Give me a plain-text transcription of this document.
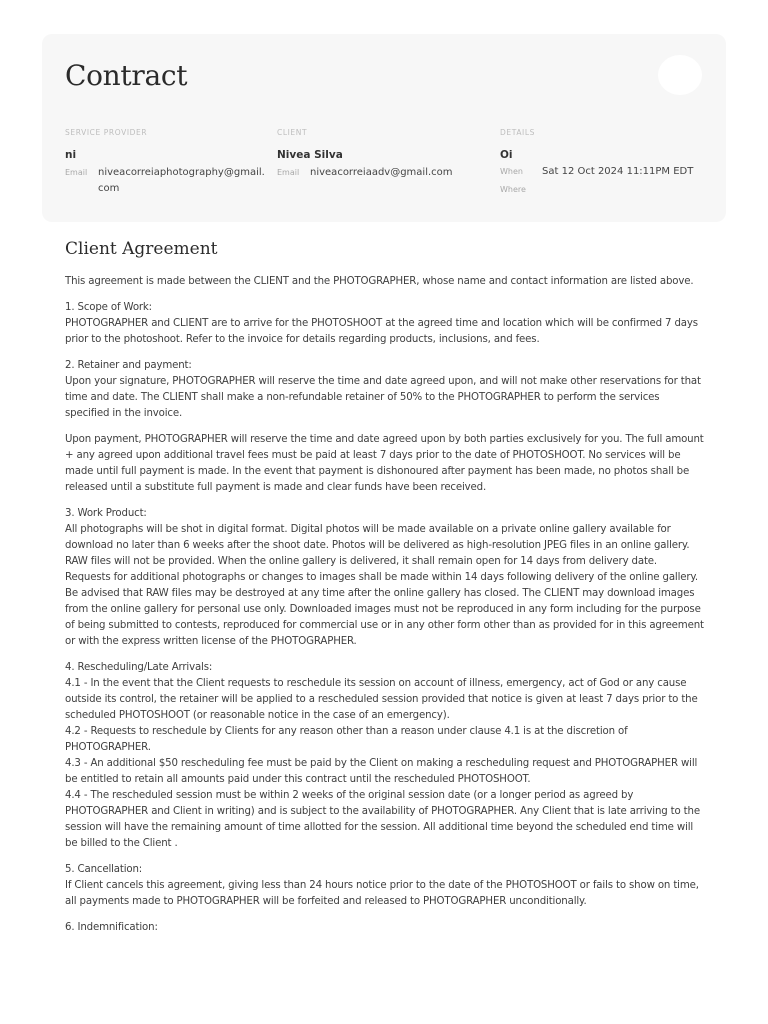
Contract
SERVICE PROVIDER
ni
Email	niveacorreiaphotography@gmail.com
CLIENT
Nivea Silva
Email	niveacorreiaadv@gmail.com
DETAILS
Oi
When	Sat 12 Oct 2024 11:11PM EDT
Where
Client Agreement

This agreement is made between the CLIENT and the PHOTOGRAPHER, whose name and contact information are listed above.

1. Scope of Work:
PHOTOGRAPHER and CLIENT are to arrive for the PHOTOSHOOT at the agreed time and location which will be confirmed 7 days prior to the photoshoot. Refer to the invoice for details regarding products, inclusions, and fees.

2. Retainer and payment:
Upon your signature, PHOTOGRAPHER will reserve the time and date agreed upon, and will not make other reservations for that time and date. The CLIENT shall make a non-refundable retainer of 50% to the PHOTOGRAPHER to perform the services specified in the invoice.

Upon payment, PHOTOGRAPHER will reserve the time and date agreed upon by both parties exclusively for you. The full amount + any agreed upon additional travel fees must be paid at least 7 days prior to the date of PHOTOSHOOT. No services will be made until full payment is made. In the event that payment is dishonoured after payment has been made, no photos shall be released until a substitute full payment is made and clear funds have been received.

3. Work Product:
All photographs will be shot in digital format. Digital photos will be made available on a private online gallery available for download no later than 6 weeks after the shoot date. Photos will be delivered as high-resolution JPEG files in an online gallery. RAW files will not be provided. When the online gallery is delivered, it shall remain open for 14 days from delivery date. Requests for additional photographs or changes to images shall be made within 14 days following delivery of the online gallery. Be advised that RAW files may be destroyed at any time after the online gallery has closed. The CLIENT may download images from the online gallery for personal use only. Downloaded images must not be reproduced in any form including for the purpose of being submitted to contests, reproduced for commercial use or in any other form other than as provided for in this agreement or with the express written license of the PHOTOGRAPHER.

4. Rescheduling/Late Arrivals:
4.1 - In the event that the Client requests to reschedule its session on account of illness, emergency, act of God or any cause outside its control, the retainer will be applied to a rescheduled session provided that notice is given at least 7 days prior to the scheduled PHOTOSHOOT (or reasonable notice in the case of an emergency).
4.2 - Requests to reschedule by Clients for any reason other than a reason under clause 4.1 is at the discretion of PHOTOGRAPHER.
4.3 - An additional $50 rescheduling fee must be paid by the Client on making a rescheduling request and PHOTOGRAPHER will be entitled to retain all amounts paid under this contract until the rescheduled PHOTOSHOOT.
4.4 - The rescheduled session must be within 2 weeks of the original session date (or a longer period as agreed by PHOTOGRAPHER and Client in writing) and is subject to the availability of PHOTOGRAPHER. Any Client that is late arriving to the session will have the remaining amount of time allotted for the session. All additional time beyond the scheduled end time will be billed to the Client .

5. Cancellation:
If Client cancels this agreement, giving less than 24 hours notice prior to the date of the PHOTOSHOOT or fails to show on time, all payments made to PHOTOGRAPHER will be forfeited and released to PHOTOGRAPHER unconditionally.

6. Indemnification:
